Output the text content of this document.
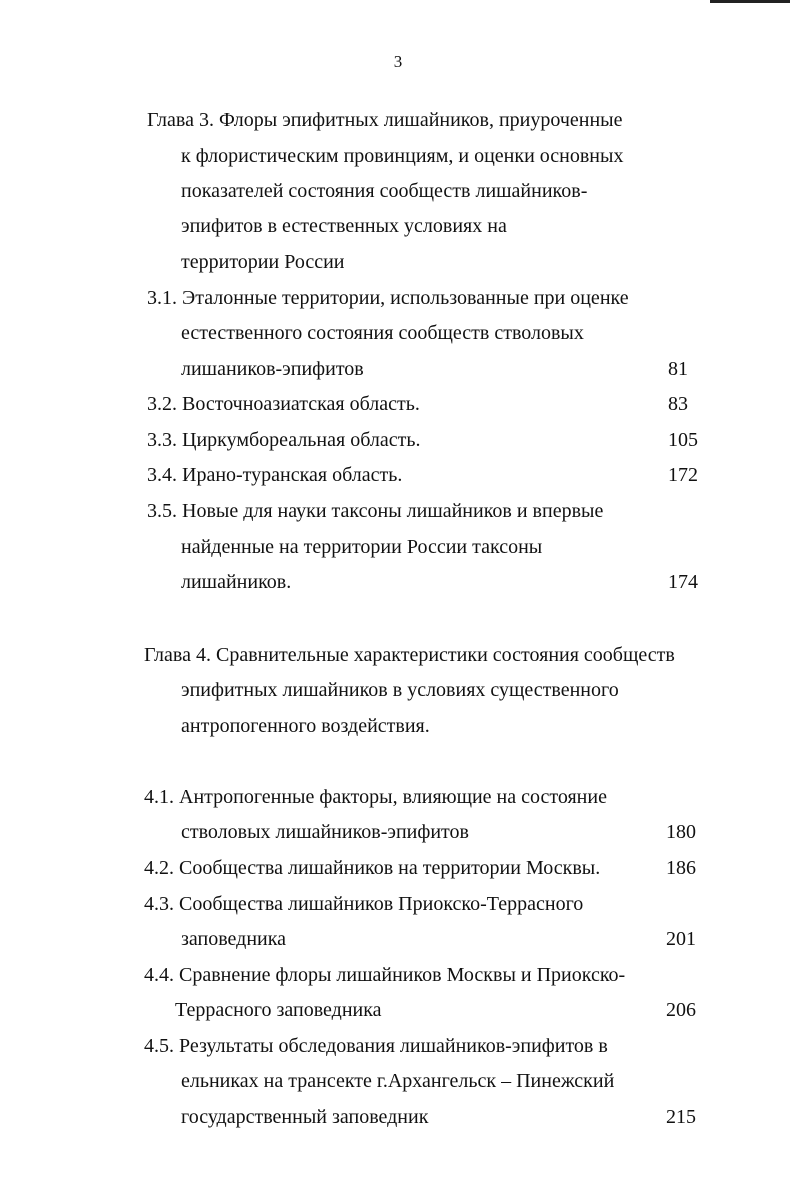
3
Глава 3. Флоры эпифитных лишайников, приуроченные
к флористическим провинциям, и оценки основных
показателей состояния сообществ лишайников-
эпифитов в естественных условиях на
территории России
3.1. Эталонные территории, использованные при оценке
естественного состояния сообществ стволовых
лишаников-эпифитов	81
3.2. Восточноазиатская область.	83
3.3. Циркумбореальная область.	105
3.4. Ирано-туранская область.	172
3.5. Новые для науки таксоны лишайников и впервые
найденные на территории России таксоны
лишайников.	174
Глава 4. Сравнительные характеристики состояния сообществ
эпифитных лишайников в условиях существенного
антропогенного воздействия.
4.1. Антропогенные факторы, влияющие на состояние
стволовых лишайников-эпифитов	180
4.2. Сообщества лишайников на территории Москвы.	186
4.3. Сообщества лишайников Приокско-Террасного
заповедника	201
4.4. Сравнение флоры лишайников Москвы и Приокско-
Террасного заповедника	206
4.5. Результаты обследования лишайников-эпифитов в
ельниках на трансекте г.Архангельск – Пинежский
государственный заповедник	215
